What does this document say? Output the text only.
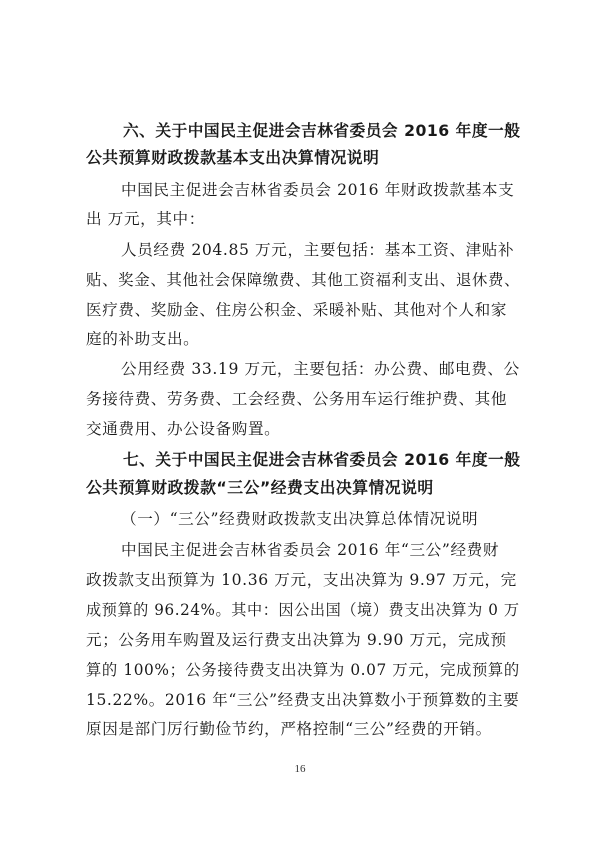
六、关于中国民主促进会吉林省委员会 2016 年度一般
公共预算财政拨款基本支出决算情况说明
中国民主促进会吉林省委员会 2016 年财政拨款基本支
出 万元，其中：
人员经费 204.85 万元，主要包括：基本工资、津贴补
贴、奖金、其他社会保障缴费、其他工资福利支出、退休费、
医疗费、奖励金、住房公积金、采暖补贴、其他对个人和家
庭的补助支出。
公用经费 33.19 万元，主要包括：办公费、邮电费、公
务接待费、劳务费、工会经费、公务用车运行维护费、其他
交通费用、办公设备购置。
七、关于中国民主促进会吉林省委员会 2016 年度一般
公共预算财政拨款“三公”经费支出决算情况说明
（一）“三公”经费财政拨款支出决算总体情况说明
中国民主促进会吉林省委员会 2016 年“三公”经费财
政拨款支出预算为 10.36 万元，支出决算为 9.97 万元，完
成预算的 96.24%。其中：因公出国（境）费支出决算为 0 万
元；公务用车购置及运行费支出决算为 9.90 万元，完成预
算的 100%；公务接待费支出决算为 0.07 万元，完成预算的
15.22%。2016 年“三公”经费支出决算数小于预算数的主要
原因是部门厉行勤俭节约，严格控制“三公”经费的开销。
16
